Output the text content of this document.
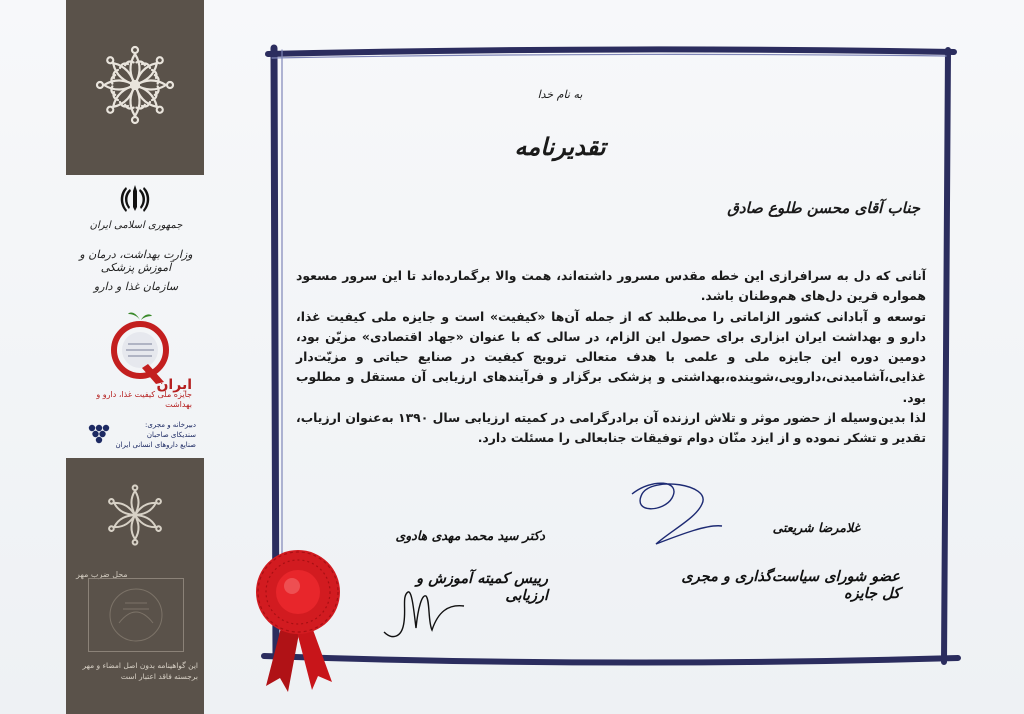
محل ضرب مهر
این گواهینامه بدون اصل امضاء و مهر برجسته فاقد اعتبار است
جمهوری اسلامی ایران
وزارت بهداشت، درمان و آموزش پزشکی
سازمان غذا و دارو
ایران
جایزه ملی کیفیت غذا، دارو و بهداشت
دبیرخانه و مجری:
سندیکای صاحبان
صنایع داروهای انسانی ایران
به نام خدا
تقدیرنامه
جناب آقای محسن طلوع صادق

آنانی که دل به سرافرازی این خطه مقدس مسرور داشته‌اند، همت والا برگمارده‌اند تا این سرور مسعود همواره قرین دل‌های هم‌وطنان باشد.

توسعه و آبادانی کشور الزاماتی را می‌طلبد که از جمله آن‌ها «کیفیت» است و جایزه ملی کیفیت غذا، دارو و بهداشت ایران ابزاری برای حصول این الزام، در سالی که با عنوان «جهاد اقتصادی» مزیّن بود، دومین دوره این جایزه ملی و علمی با هدف متعالی ترویج کیفیت در صنایع حیاتی و مزیّت‌دار غذایی،آشامیدنی،دارویی،شوینده،بهداشتی و پزشکی برگزار و فرآیندهای ارزیابی آن مستقل و مطلوب بود.

لذا بدین‌وسیله از حضور موثر و تلاش ارزنده آن برادرگرامی در کمیته ارزیابی سال ۱۳۹۰ به‌عنوان ارزیاب، تقدیر و تشکر نموده و از ایزد منّان دوام توفیقات جنابعالی را مسئلت دارد.

غلامرضا شریعتی
عضو شورای سیاست‌گذاری و مجری کل جایزه
دکتر سید محمد مهدی هادوی
رییس کمیته آموزش و ارزیابی
